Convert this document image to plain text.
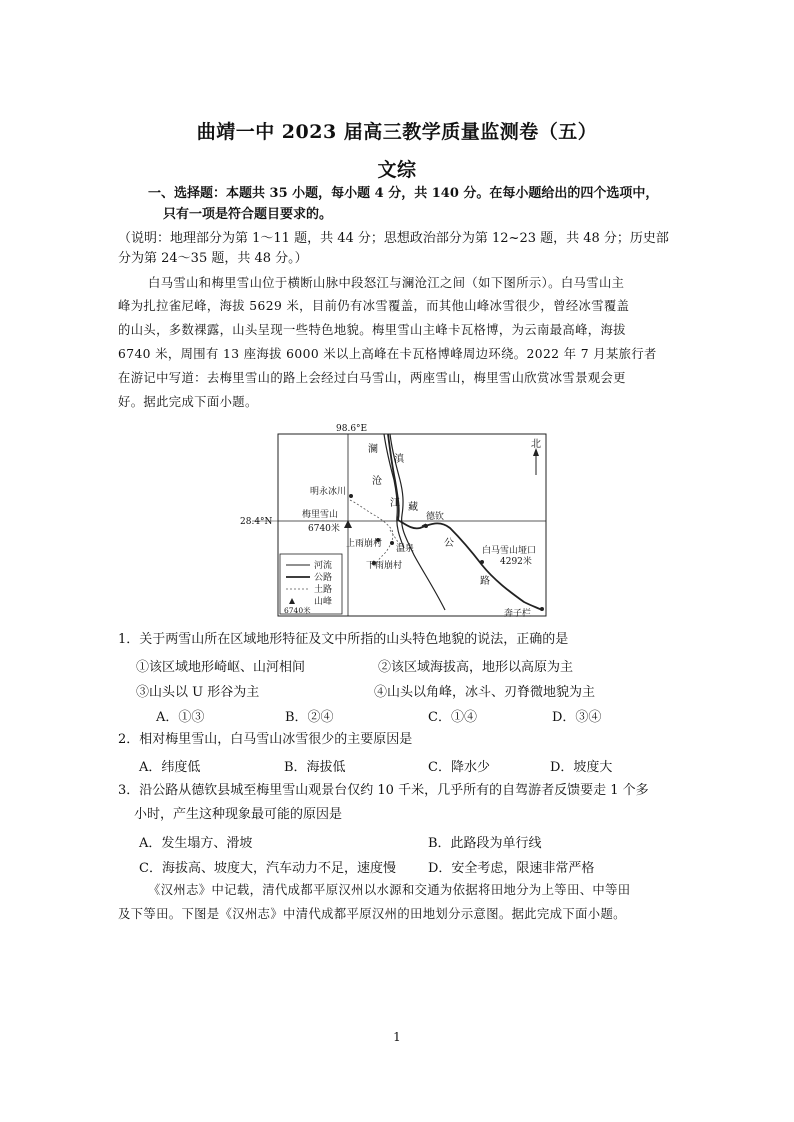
曲靖一中 2023 届高三教学质量监测卷（五）
文综
一、选择题：本题共 35 小题，每小题 4 分，共 140 分。在每小题给出的四个选项中，
只有一项是符合题目要求的。
（说明：地理部分为第 1～11 题，共 44 分；思想政治部分为第 12~23 题，共 48 分；历史部
分为第 24～35 题，共 48 分。）
白马雪山和梅里雪山位于横断山脉中段怒江与澜沧江之间（如下图所示）。白马雪山主
峰为扎拉雀尼峰，海拔 5629 米，目前仍有冰雪覆盖，而其他山峰冰雪很少，曾经冰雪覆盖
的山头，多数裸露，山头呈现一些特色地貌。梅里雪山主峰卡瓦格博，为云南最高峰，海拔
6740 米，周围有 13 座海拔 6000 米以上高峰在卡瓦格博峰周边环绕。2022 年 7 月某旅行者
在游记中写道：去梅里雪山的路上会经过白马雪山，两座雪山，梅里雪山欣赏冰雪景观会更
好。据此完成下面小题。
98.6°E
28.4°N
北
澜
沧
江
滇
藏
明永冰川
梅里雪山
6740米
德钦
公
路
上雨崩村 温泉
下雨崩村
白马雪山垭口
4292米
奔子栏
河流
公路
土路
山峰
6740米
1．关于两雪山所在区域地形特征及文中所指的山头特色地貌的说法，正确的是
①该区域地形崎岖、山河相间	②该区域海拔高，地形以高原为主
③山头以 U 形谷为主	④山头以角峰，冰斗、刃脊微地貌为主
A．①③	B．②④	C．①④	D．③④
2．相对梅里雪山，白马雪山冰雪很少的主要原因是
A．纬度低	B．海拔低	C．降水少	D．坡度大
3．沿公路从德钦县城至梅里雪山观景台仅约 10 千米，几乎所有的自驾游者反馈要走 1 个多
小时，产生这种现象最可能的原因是
A．发生塌方、滑坡	B．此路段为单行线
C．海拔高、坡度大，汽车动力不足，速度慢 D．安全考虑，限速非常严格
《汉州志》中记载，清代成都平原汉州以水源和交通为依据将田地分为上等田、中等田
及下等田。下图是《汉州志》中清代成都平原汉州的田地划分示意图。据此完成下面小题。
1
